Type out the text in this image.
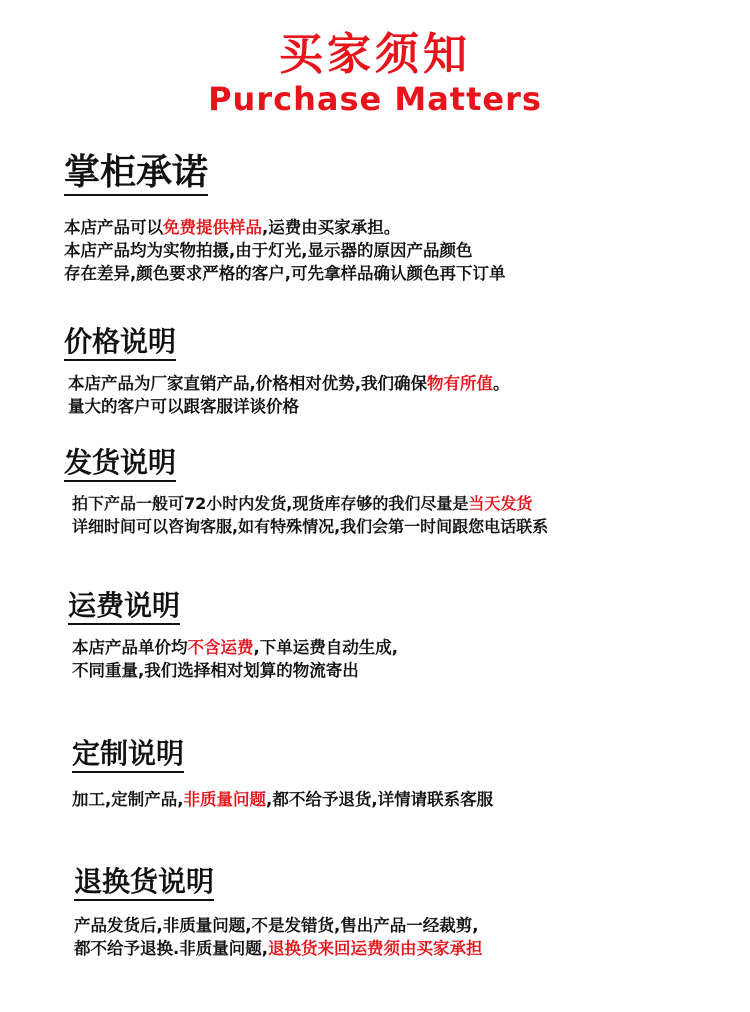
买家须知
Purchase Matters
掌柜承诺
本店产品可以免费提供样品,运费由买家承担。
本店产品均为实物拍摄,由于灯光,显示器的原因产品颜色
存在差异,颜色要求严格的客户,可先拿样品确认颜色再下订单
价格说明
本店产品为厂家直销产品,价格相对优势,我们确保物有所值。
量大的客户可以跟客服详谈价格
发货说明
拍下产品一般可72小时内发货,现货库存够的我们尽量是当天发货
详细时间可以咨询客服,如有特殊情况,我们会第一时间跟您电话联系
运费说明
本店产品单价均不含运费,下单运费自动生成,
不同重量,我们选择相对划算的物流寄出
定制说明
加工,定制产品,非质量问题,都不给予退货,详情请联系客服
退换货说明
产品发货后,非质量问题,不是发错货,售出产品一经裁剪,
都不给予退换.非质量问题,退换货来回运费须由买家承担
